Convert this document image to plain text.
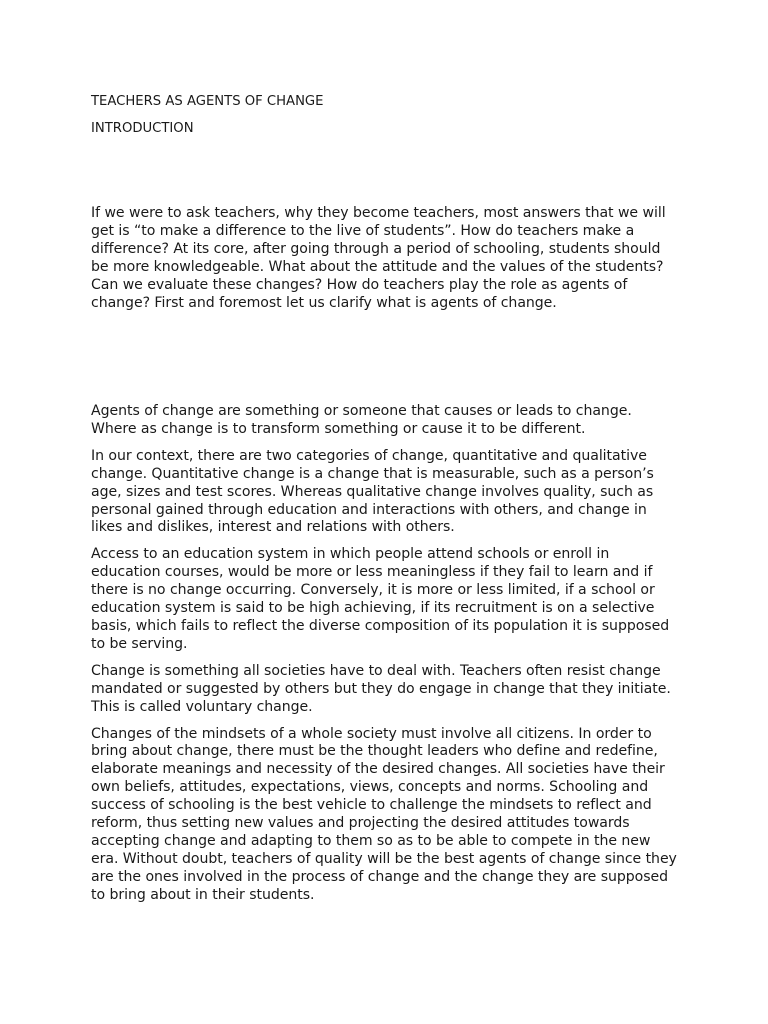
TEACHERS AS AGENTS OF CHANGE
INTRODUCTION

If we were to ask teachers, why they become teachers, most answers that we will get is “to make a difference to the live of students”. How do teachers make a difference? At its core, after going through a period of schooling, students should be more knowledgeable. What about the attitude and the values of the students? Can we evaluate these changes? How do teachers play the role as agents of change? First and foremost let us clarify what is agents of change.

Agents of change are something or someone that causes or leads to change. Where as change is to transform something or cause it to be different.

In our context, there are two categories of change, quantitative and qualitative change. Quantitative change is a change that is measurable, such as a person’s age, sizes and test scores. Whereas qualitative change involves quality, such as personal gained through education and interactions with others, and change in likes and dislikes, interest and relations with others.

Access to an education system in which people attend schools or enroll in education courses, would be more or less meaningless if they fail to learn and if there is no change occurring. Conversely, it is more or less limited, if a school or education system is said to be high achieving, if its recruitment is on a selective basis, which fails to reflect the diverse composition of its population it is supposed to be serving.

Change is something all societies have to deal with. Teachers often resist change mandated or suggested by others but they do engage in change that they initiate. This is called voluntary change.

Changes of the mindsets of a whole society must involve all citizens. In order to bring about change, there must be the thought leaders who define and redefine, elaborate meanings and necessity of the desired changes. All societies have their own beliefs, attitudes, expectations, views, concepts and norms. Schooling and success of schooling is the best vehicle to challenge the mindsets to reflect and reform, thus setting new values and projecting the desired attitudes towards accepting change and adapting to them so as to be able to compete in the new era. Without doubt, teachers of quality will be the best agents of change since they are the ones involved in the process of change and the change they are supposed to bring about in their students.
